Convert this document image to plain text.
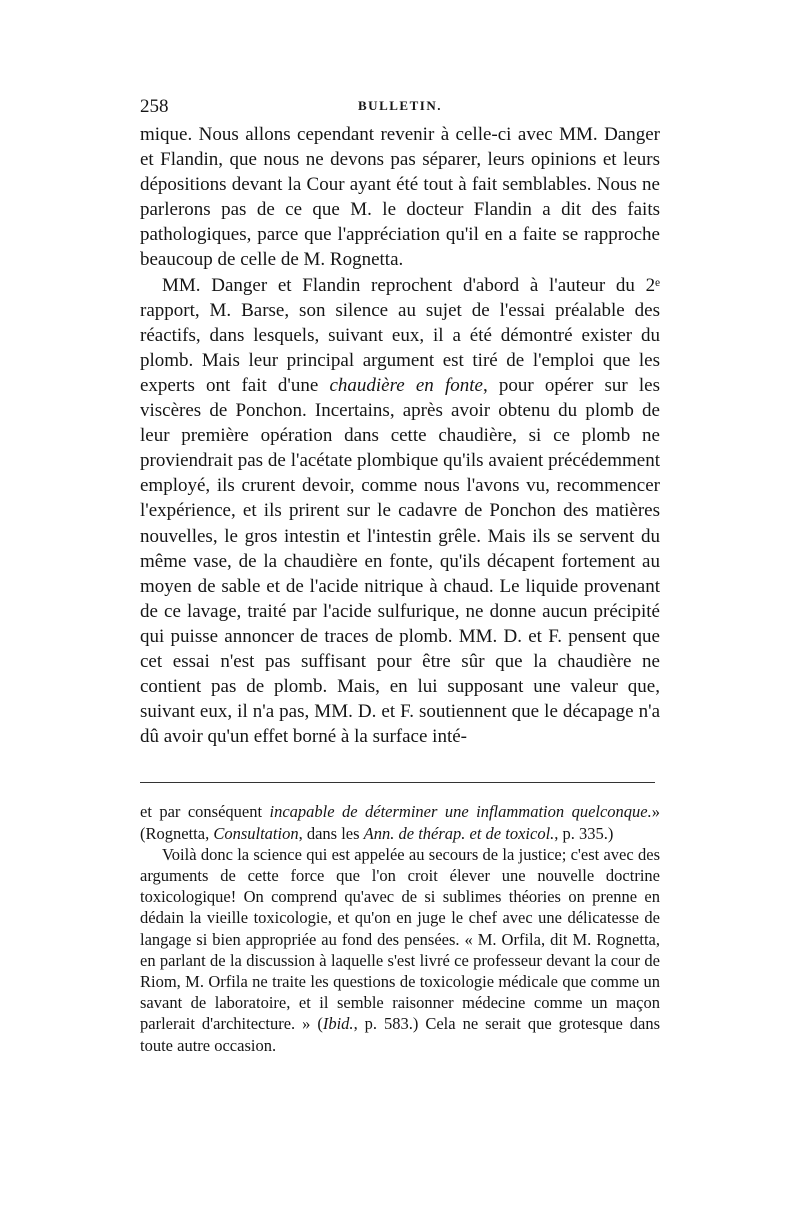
258	BULLETIN.

mique. Nous allons cependant revenir à celle-ci avec MM. Danger et Flandin, que nous ne devons pas séparer, leurs opinions et leurs dépositions devant la Cour ayant été tout à fait semblables. Nous ne parlerons pas de ce que M. le docteur Flandin a dit des faits pathologiques, parce que l'appréciation qu'il en a faite se rapproche beaucoup de celle de M. Rognetta.

MM. Danger et Flandin reprochent d'abord à l'auteur du 2ᵉ rapport, M. Barse, son silence au sujet de l'essai préalable des réactifs, dans lesquels, suivant eux, il a été démontré exister du plomb. Mais leur principal argument est tiré de l'emploi que les experts ont fait d'une chaudière en fonte, pour opérer sur les viscères de Ponchon. Incertains, après avoir obtenu du plomb de leur première opération dans cette chaudière, si ce plomb ne proviendrait pas de l'acétate plombique qu'ils avaient précédemment employé, ils crurent devoir, comme nous l'avons vu, recommencer l'expérience, et ils prirent sur le cadavre de Ponchon des matières nouvelles, le gros intestin et l'intestin grêle. Mais ils se servent du même vase, de la chaudière en fonte, qu'ils décapent fortement au moyen de sable et de l'acide nitrique à chaud. Le liquide provenant de ce lavage, traité par l'acide sulfurique, ne donne aucun précipité qui puisse annoncer de traces de plomb. MM. D. et F. pensent que cet essai n'est pas suffisant pour être sûr que la chaudière ne contient pas de plomb. Mais, en lui supposant une valeur que, suivant eux, il n'a pas, MM. D. et F. soutiennent que le décapage n'a dû avoir qu'un effet borné à la surface inté-

et par conséquent incapable de déterminer une inflammation quelconque.» (Rognetta, Consultation, dans les Ann. de thérap. et de toxicol., p. 335.)

Voilà donc la science qui est appelée au secours de la justice; c'est avec des arguments de cette force que l'on croit élever une nouvelle doctrine toxicologique! On comprend qu'avec de si sublimes théories on prenne en dédain la vieille toxicologie, et qu'on en juge le chef avec une délicatesse de langage si bien appropriée au fond des pensées. « M. Orfila, dit M. Rognetta, en parlant de la discussion à laquelle s'est livré ce professeur devant la cour de Riom, M. Orfila ne traite les questions de toxicologie médicale que comme un savant de laboratoire, et il semble raisonner médecine comme un maçon parlerait d'architecture. » (Ibid., p. 583.) Cela ne serait que grotesque dans toute autre occasion.
